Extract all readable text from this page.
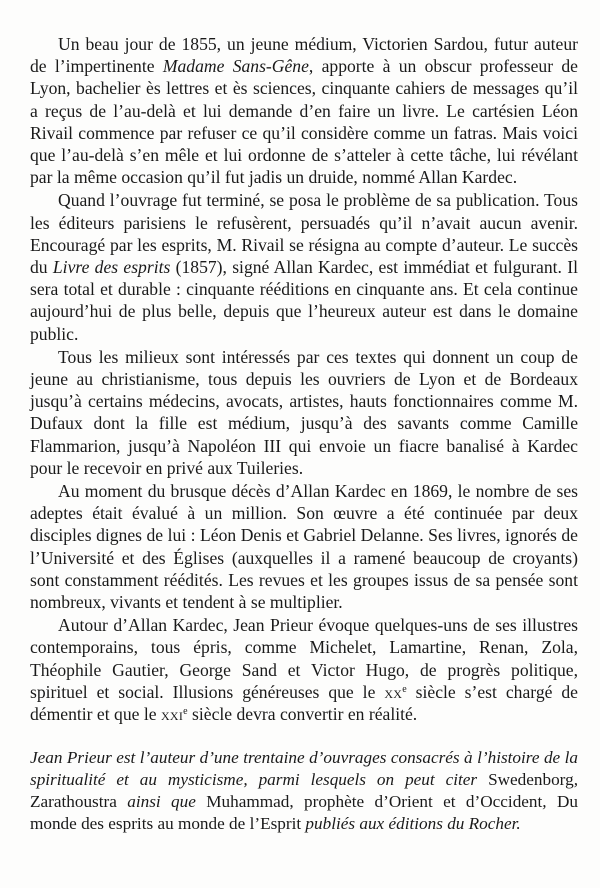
Un beau jour de 1855, un jeune médium, Victorien Sardou, futur auteur de l’impertinente Madame Sans-Gêne, apporte à un obscur professeur de Lyon, bachelier ès lettres et ès sciences, cinquante cahiers de messages qu’il a reçus de l’au-delà et lui demande d’en faire un livre. Le cartésien Léon Rivail commence par refuser ce qu’il considère comme un fatras. Mais voici que l’au-delà s’en mêle et lui ordonne de s’atteler à cette tâche, lui révélant par la même occasion qu’il fut jadis un druide, nommé Allan Kardec.

Quand l’ouvrage fut terminé, se posa le problème de sa publication. Tous les éditeurs parisiens le refusèrent, persuadés qu’il n’avait aucun avenir. Encouragé par les esprits, M. Rivail se résigna au compte d’auteur. Le succès du Livre des esprits (1857), signé Allan Kardec, est immédiat et fulgurant. Il sera total et durable : cinquante rééditions en cinquante ans. Et cela continue aujourd’hui de plus belle, depuis que l’heureux auteur est dans le domaine public.

Tous les milieux sont intéressés par ces textes qui donnent un coup de jeune au christianisme, tous depuis les ouvriers de Lyon et de Bordeaux jusqu’à certains médecins, avocats, artistes, hauts fonctionnaires comme M. Dufaux dont la fille est médium, jusqu’à des savants comme Camille Flammarion, jusqu’à Napoléon III qui envoie un fiacre banalisé à Kardec pour le recevoir en privé aux Tuileries.

Au moment du brusque décès d’Allan Kardec en 1869, le nombre de ses adeptes était évalué à un million. Son œuvre a été continuée par deux disciples dignes de lui : Léon Denis et Gabriel Delanne. Ses livres, ignorés de l’Université et des Églises (auxquelles il a ramené beaucoup de croyants) sont constamment réédités. Les revues et les groupes issus de sa pensée sont nombreux, vivants et tendent à se multiplier.

Autour d’Allan Kardec, Jean Prieur évoque quelques-uns de ses illustres contemporains, tous épris, comme Michelet, Lamartine, Renan, Zola, Théophile Gautier, George Sand et Victor Hugo, de progrès politique, spirituel et social. Illusions généreuses que le $xx^e$ siècle s’est chargé de démentir et que le xxi$^e$ siècle devra convertir en réalité.

Jean Prieur est l’auteur d’une trentaine d’ouvrages consacrés à l’histoire de la spiritualité et au mysticisme, parmi lesquels on peut citer Swedenborg, Zarathoustra ainsi que Muhammad, prophète d’Orient et d’Occident, Du monde des esprits au monde de l’Esprit publiés aux éditions du Rocher.
